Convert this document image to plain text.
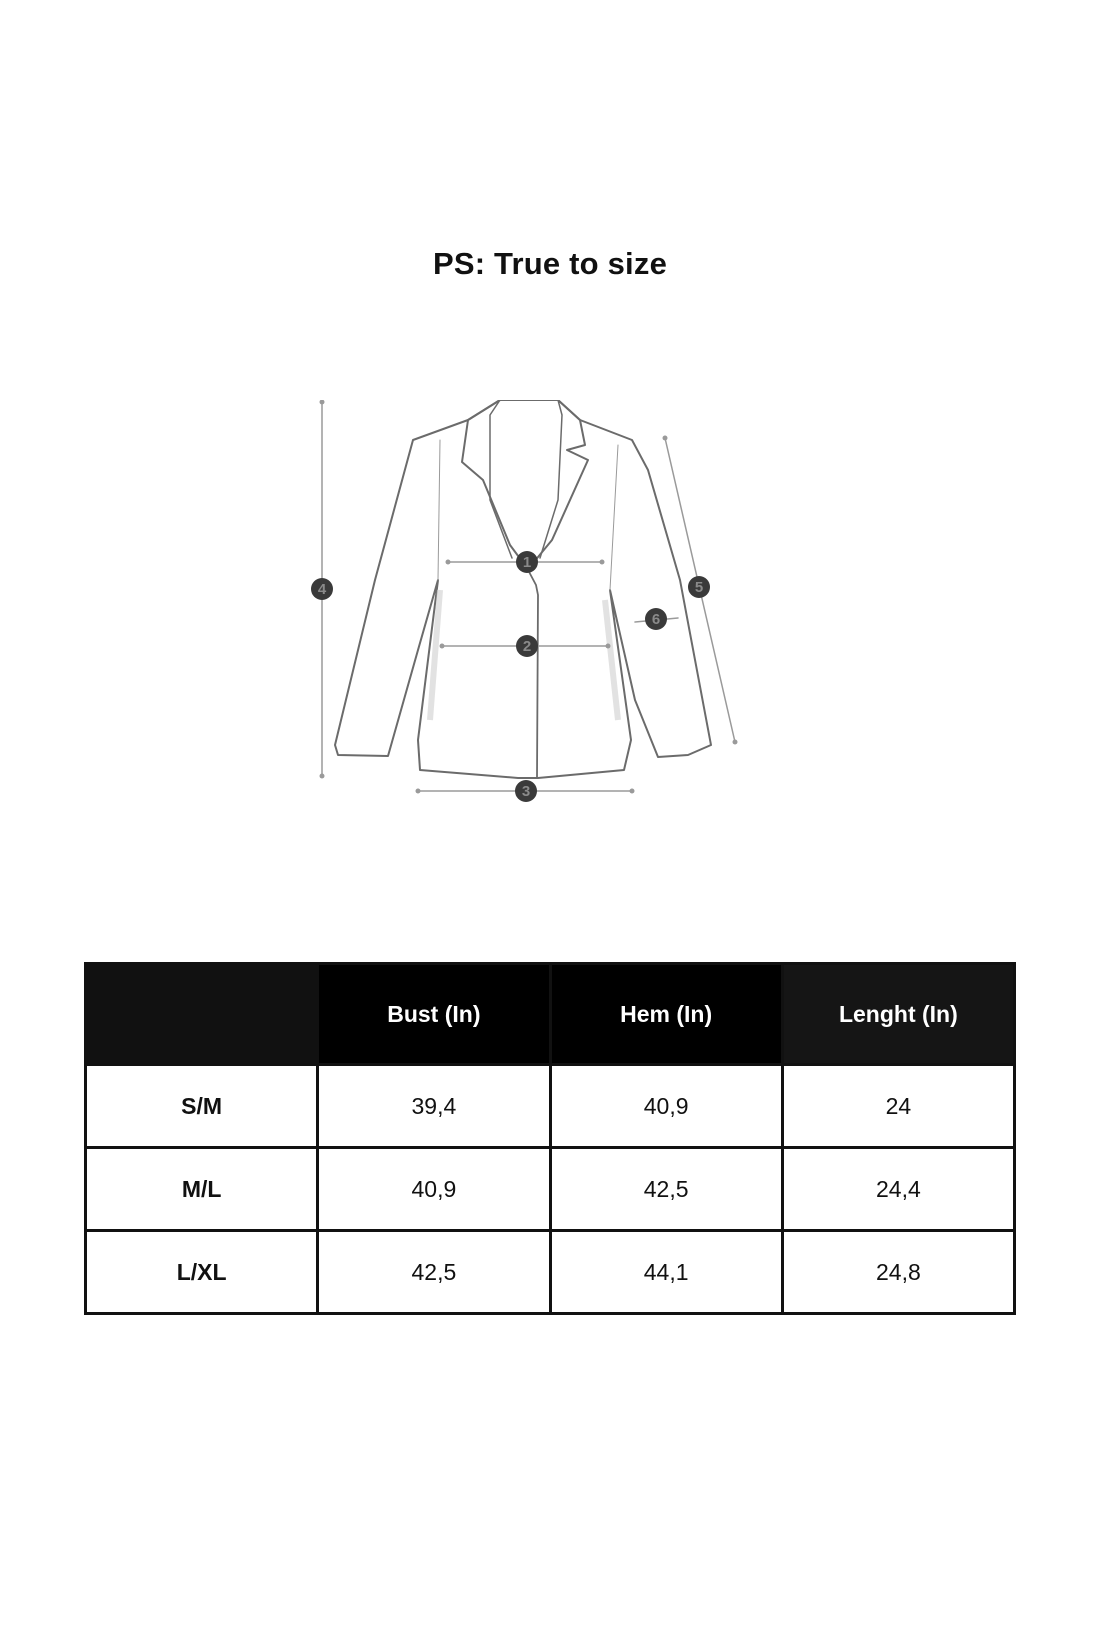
PS: True to size
1
2
3
4	5
6
	Bust (In)	Hem (In)	Lenght (In)
S/M	39,4	40,9	24
M/L	40,9	42,5	24,4
L/XL	42,5	44,1	24,8
